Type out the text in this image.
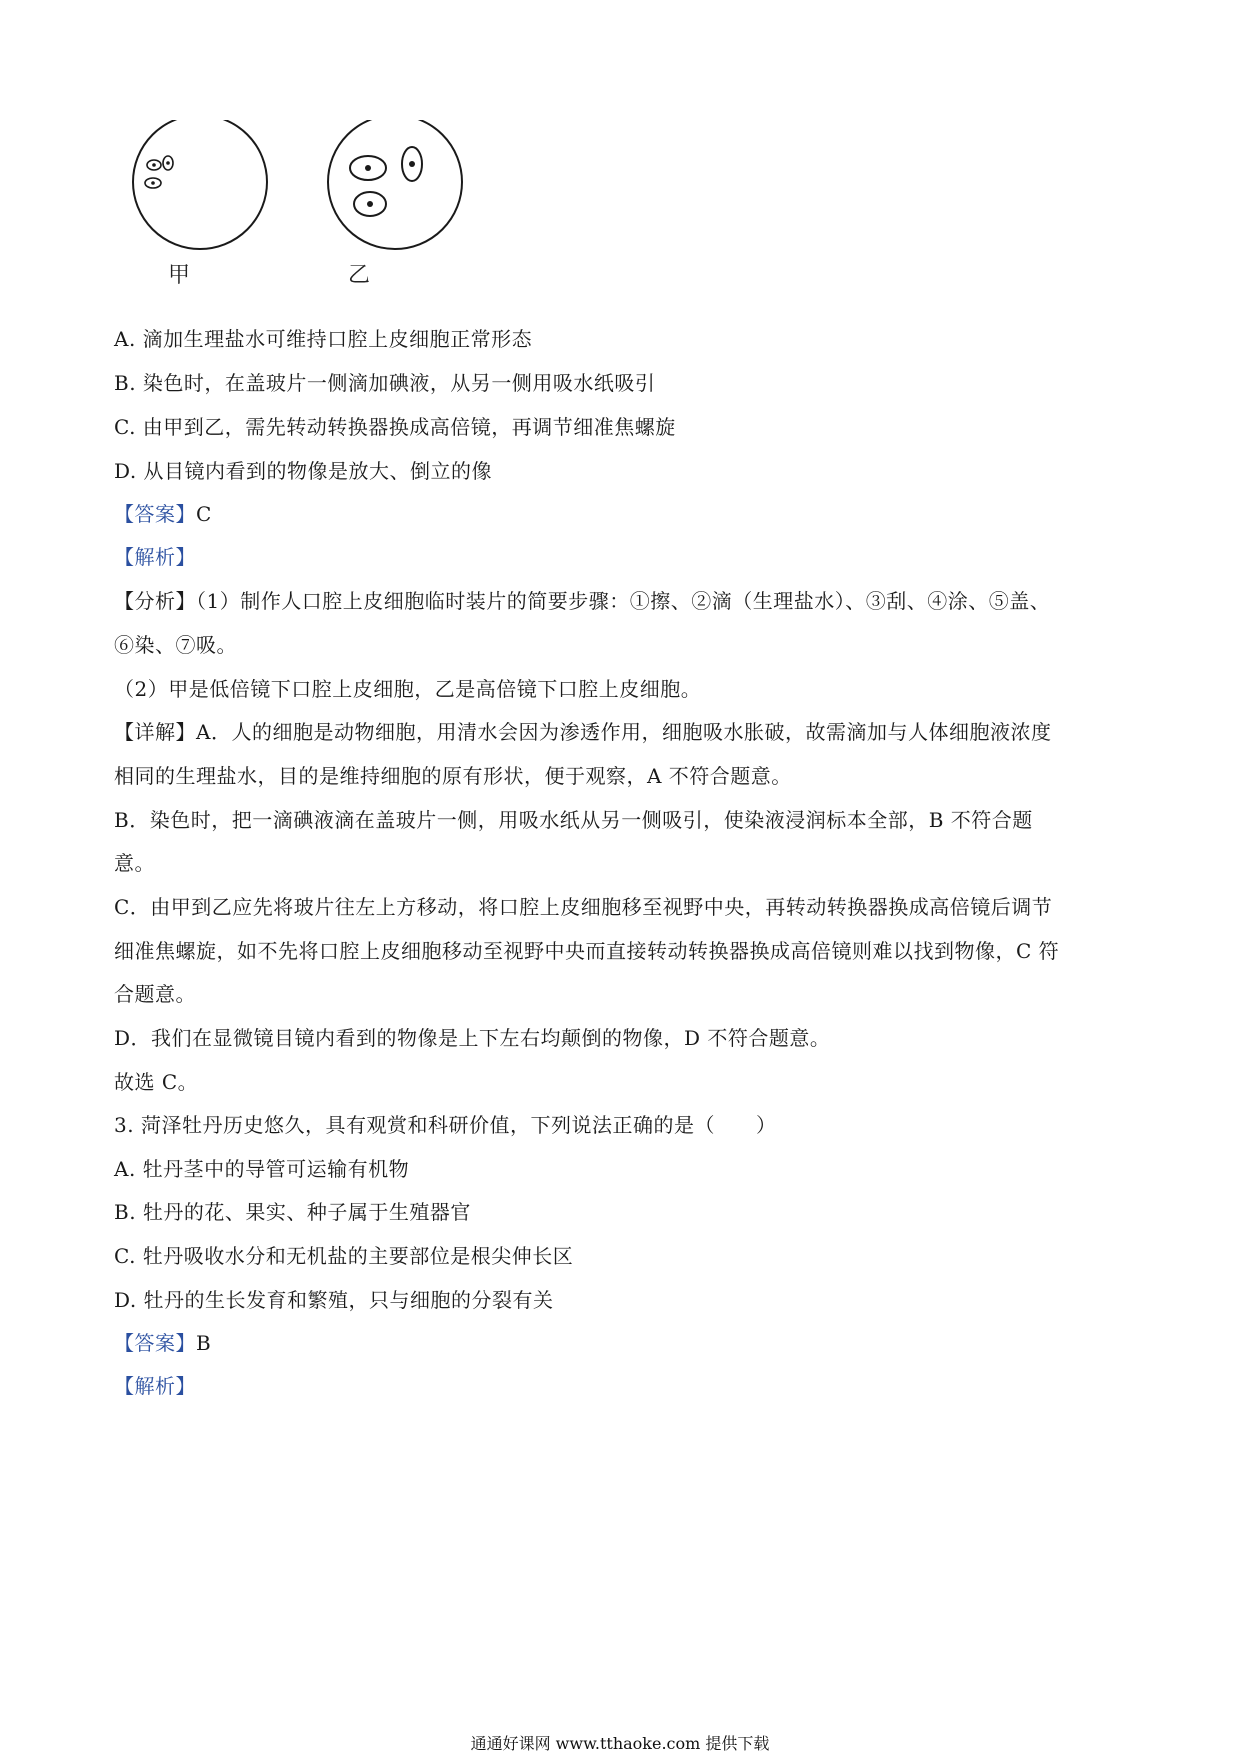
甲	乙
A. 滴加生理盐水可维持口腔上皮细胞正常形态
B. 染色时，在盖玻片一侧滴加碘液，从另一侧用吸水纸吸引
C. 由甲到乙，需先转动转换器换成高倍镜，再调节细准焦螺旋
D. 从目镜内看到的物像是放大、倒立的像
【答案】C
【解析】
【分析】（1）制作人口腔上皮细胞临时装片的简要步骤：①擦、②滴（生理盐水）、③刮、④涂、⑤盖、
⑥染、⑦吸。
（2）甲是低倍镜下口腔上皮细胞，乙是高倍镜下口腔上皮细胞。
【详解】A．人的细胞是动物细胞，用清水会因为渗透作用，细胞吸水胀破，故需滴加与人体细胞液浓度
相同的生理盐水，目的是维持细胞的原有形状，便于观察，A 不符合题意。
B．染色时，把一滴碘液滴在盖玻片一侧，用吸水纸从另一侧吸引，使染液浸润标本全部，B 不符合题
意。
C．由甲到乙应先将玻片往左上方移动，将口腔上皮细胞移至视野中央，再转动转换器换成高倍镜后调节
细准焦螺旋，如不先将口腔上皮细胞移动至视野中央而直接转动转换器换成高倍镜则难以找到物像，C 符
合题意。
D．我们在显微镜目镜内看到的物像是上下左右均颠倒的物像，D 不符合题意。
故选 C。
3. 菏泽牡丹历史悠久，具有观赏和科研价值，下列说法正确的是（　　）
A. 牡丹茎中的导管可运输有机物
B. 牡丹的花、果实、种子属于生殖器官
C. 牡丹吸收水分和无机盐的主要部位是根尖伸长区
D. 牡丹的生长发育和繁殖，只与细胞的分裂有关
【答案】B
【解析】
通通好课网 www.tthaoke.com 提供下载
